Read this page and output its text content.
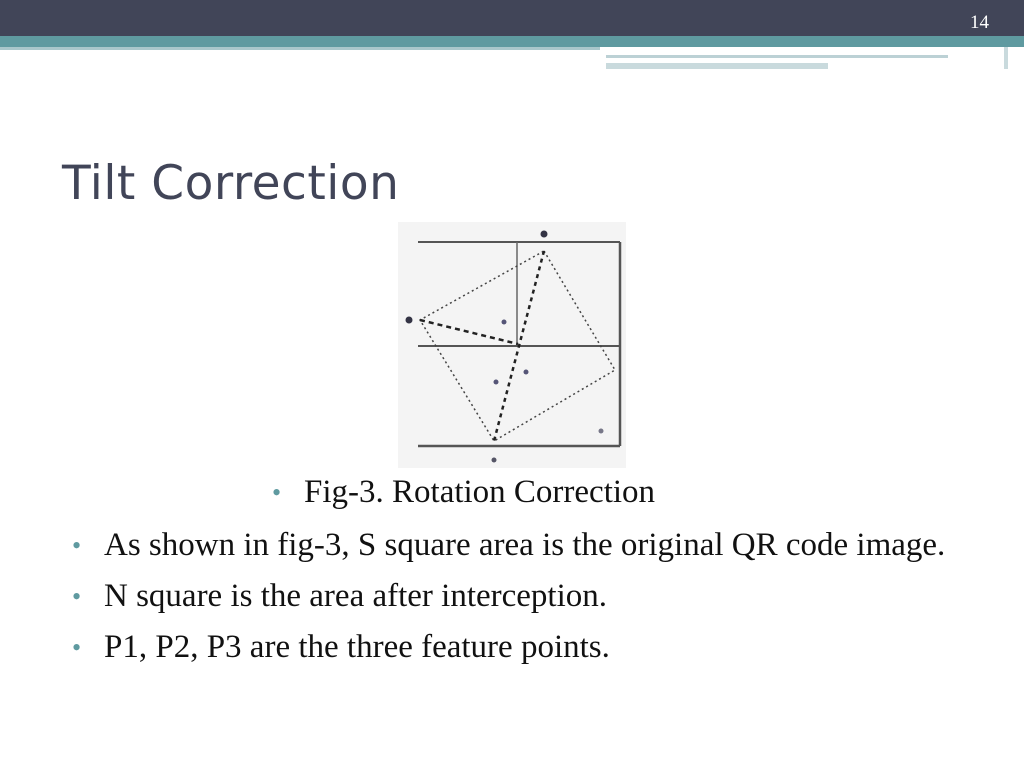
14
Tilt Correction
• Fig-3. Rotation Correction
• As shown in fig-3, S square area is the original QR code image.
• N square is the area after interception.
• P1, P2, P3 are the three feature points.
